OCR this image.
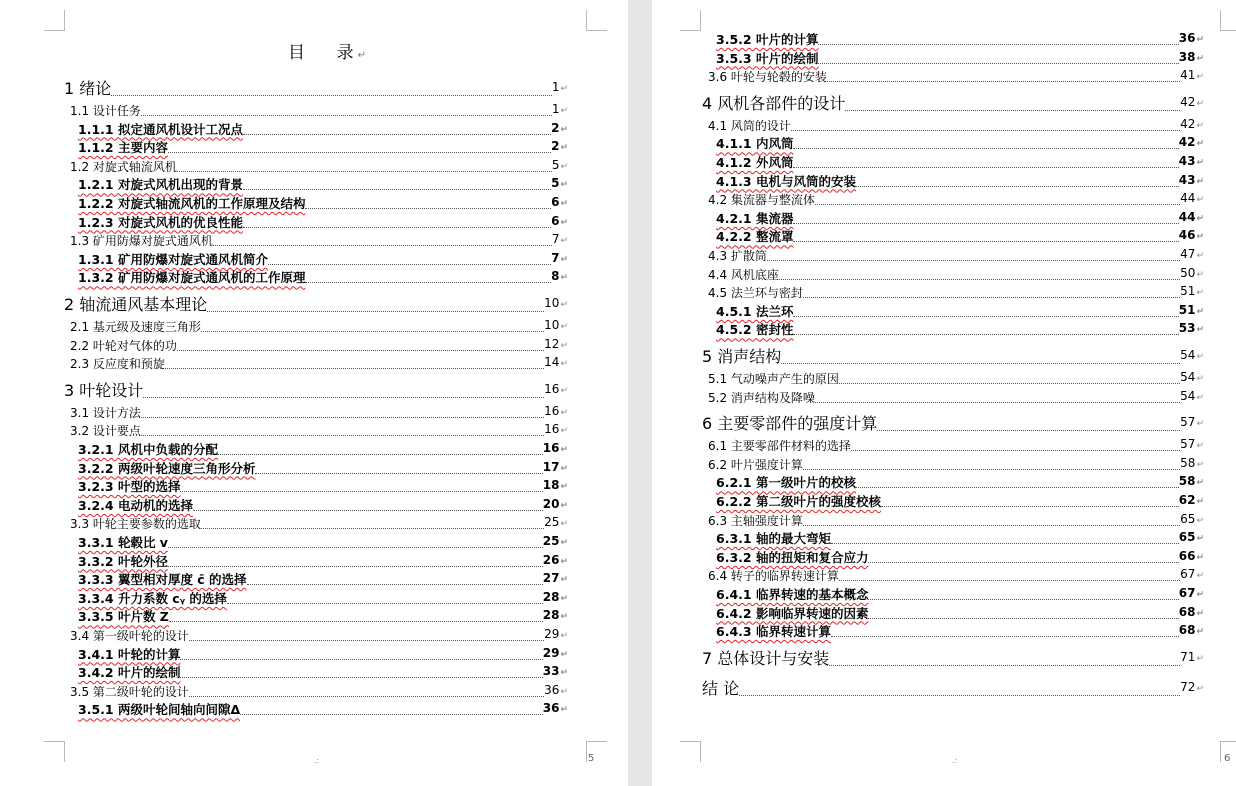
目    录 ↵
1 绪论	1 ↵
1.1 设计任务	1 ↵
1.1.1 拟定通风机设计工况点	2 ↵
1.1.2 主要内容	2 ↵
1.2 对旋式轴流风机	5 ↵
1.2.1 对旋式风机出现的背景	5 ↵
1.2.2 对旋式轴流风机的工作原理及结构	6 ↵
1.2.3 对旋式风机的优良性能	6 ↵
1.3 矿用防爆对旋式通风机	7 ↵
1.3.1 矿用防爆对旋式通风机简介	7 ↵
1.3.2 矿用防爆对旋式通风机的工作原理	8 ↵
2 轴流通风基本理论	10 ↵
2.1 基元级及速度三角形	10 ↵
2.2 叶轮对气体的功	12 ↵
2.3 反应度和预旋	14 ↵
3 叶轮设计	16 ↵
3.1 设计方法	16 ↵
3.2 设计要点	16 ↵
3.2.1 风机中负载的分配	16 ↵
3.2.2 两级叶轮速度三角形分析	17 ↵
3.2.3 叶型的选择	18 ↵
3.2.4 电动机的选择	20 ↵
3.3 叶轮主要参数的选取	25 ↵
3.3.1 轮毂比 v	25 ↵
3.3.2 叶轮外径	26 ↵
3.3.3 翼型相对厚度 c̄ 的选择	27 ↵
3.3.4 升力系数 cᵧ 的选择	28 ↵
3.3.5 叶片数 Z	28 ↵
3.4 第一级叶轮的设计	29 ↵
3.4.1 叶轮的计算	29 ↵
3.4.2 叶片的绘制	33 ↵
3.5 第二级叶轮的设计	36 ↵
3.5.1 两级叶轮间轴向间隙Δ	36 ↵
5
.:
3.5.2 叶片的计算	36 ↵
3.5.3 叶片的绘制	38 ↵
3.6 叶轮与轮毂的安装	41 ↵
4 风机各部件的设计	42 ↵
4.1 风筒的设计	42 ↵
4.1.1 内风筒	42 ↵
4.1.2 外风筒	43 ↵
4.1.3 电机与风筒的安装	43 ↵
4.2 集流器与整流体	44 ↵
4.2.1 集流器	44 ↵
4.2.2 整流罩	46 ↵
4.3 扩散筒	47 ↵
4.4 风机底座	50 ↵
4.5 法兰环与密封	51 ↵
4.5.1 法兰环	51 ↵
4.5.2 密封性	53 ↵
5 消声结构	54 ↵
5.1 气动噪声产生的原因	54 ↵
5.2 消声结构及降噪	54 ↵
6 主要零部件的强度计算	57 ↵
6.1 主要零部件材料的选择	57 ↵
6.2 叶片强度计算	58 ↵
6.2.1 第一级叶片的校核	58 ↵
6.2.2 第二级叶片的强度校核	62 ↵
6.3 主轴强度计算	65 ↵
6.3.1 轴的最大弯矩	65 ↵
6.3.2 轴的扭矩和复合应力	66 ↵
6.4 转子的临界转速计算	67 ↵
6.4.1 临界转速的基本概念	67 ↵
6.4.2 影响临界转速的因素	68 ↵
6.4.3 临界转速计算	68 ↵
7 总体设计与安装	71 ↵
结 论	72 ↵
6
.:
